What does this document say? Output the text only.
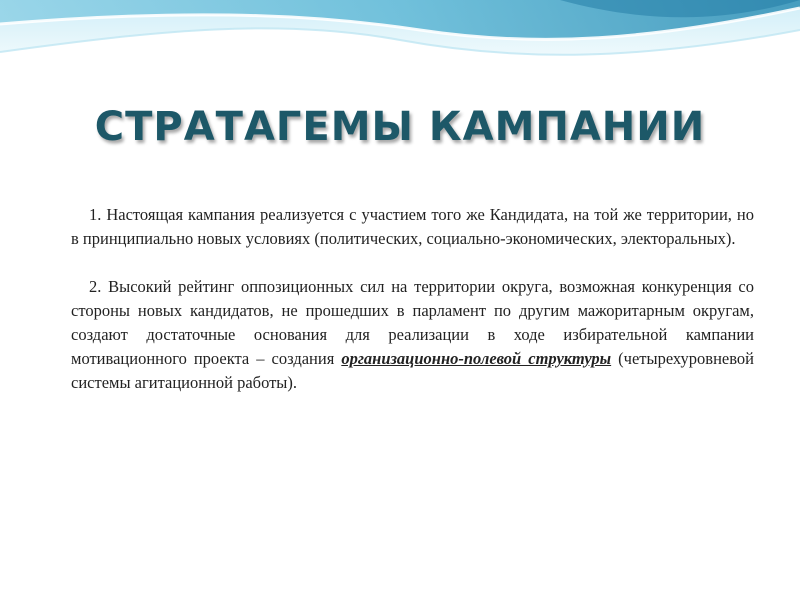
СТРАТАГЕМЫ КАМПАНИИ

1. Настоящая кампания реализуется с участием того же Кандидата, на той же территории, но в принципиально новых условиях (политических, социально-экономических, электоральных).

2. Высокий рейтинг оппозиционных сил на территории округа, возможная конкуренция со стороны новых кандидатов, не прошедших в парламент по другим мажоритарным округам, создают достаточные основания для реализации в ходе избирательной кампании мотивационного проекта – создания организационно-полевой структуры (четырехуровневой системы агитационной работы).
